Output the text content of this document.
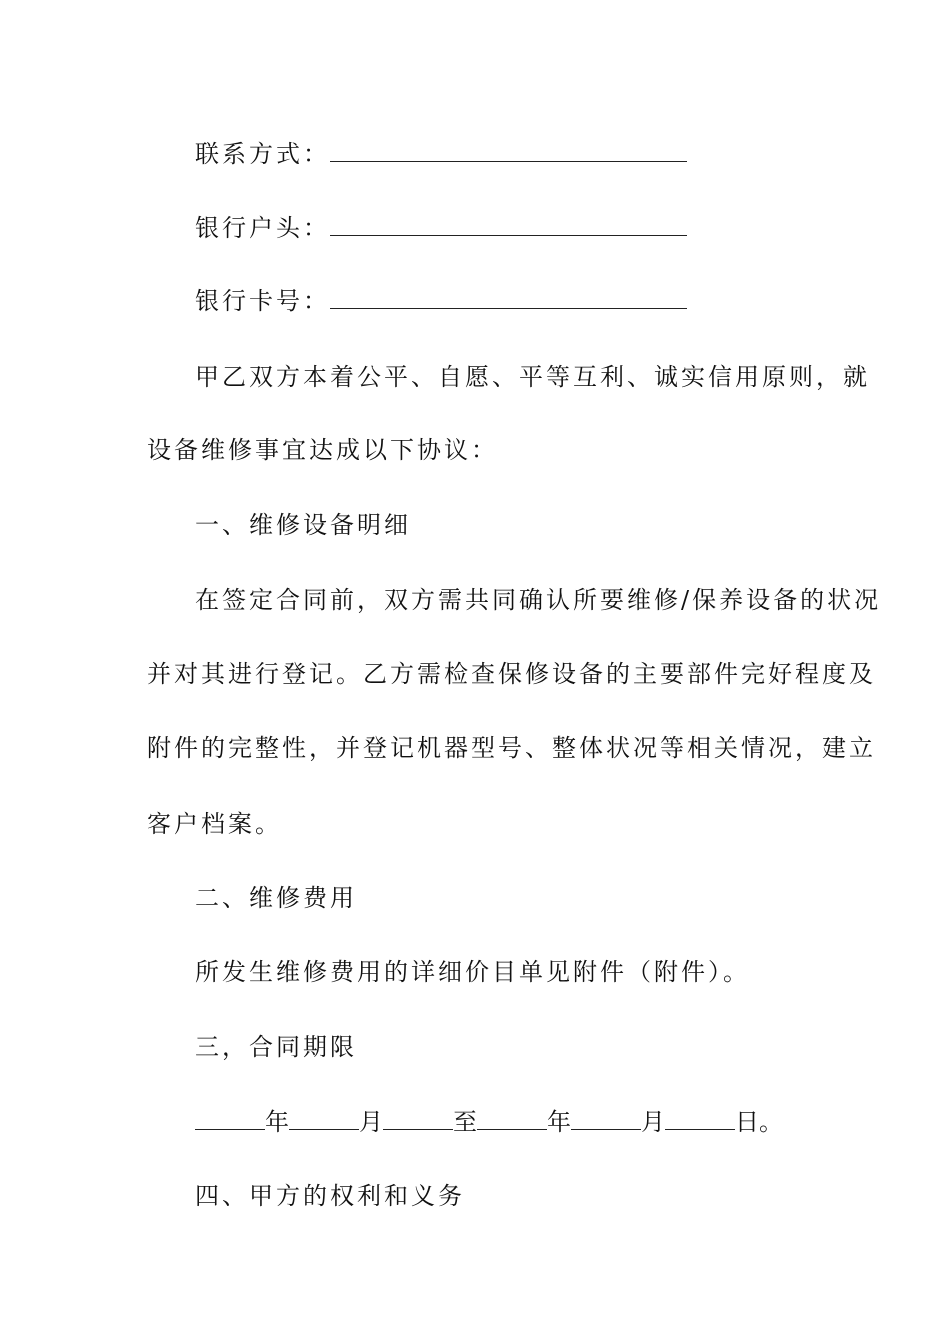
联系方式：
银行户头：
银行卡号：
甲乙双方本着公平、自愿、平等互利、诚实信用原则，就
设备维修事宜达成以下协议：
一、维修设备明细
在签定合同前，双方需共同确认所要维修/保养设备的状况
并对其进行登记。乙方需检查保修设备的主要部件完好程度及
附件的完整性，并登记机器型号、整体状况等相关情况，建立
客户档案。
二、维修费用
所发生维修费用的详细价目单见附件（附件）。
三，合同期限
年	月	至	年	月	日。
四、甲方的权利和义务
